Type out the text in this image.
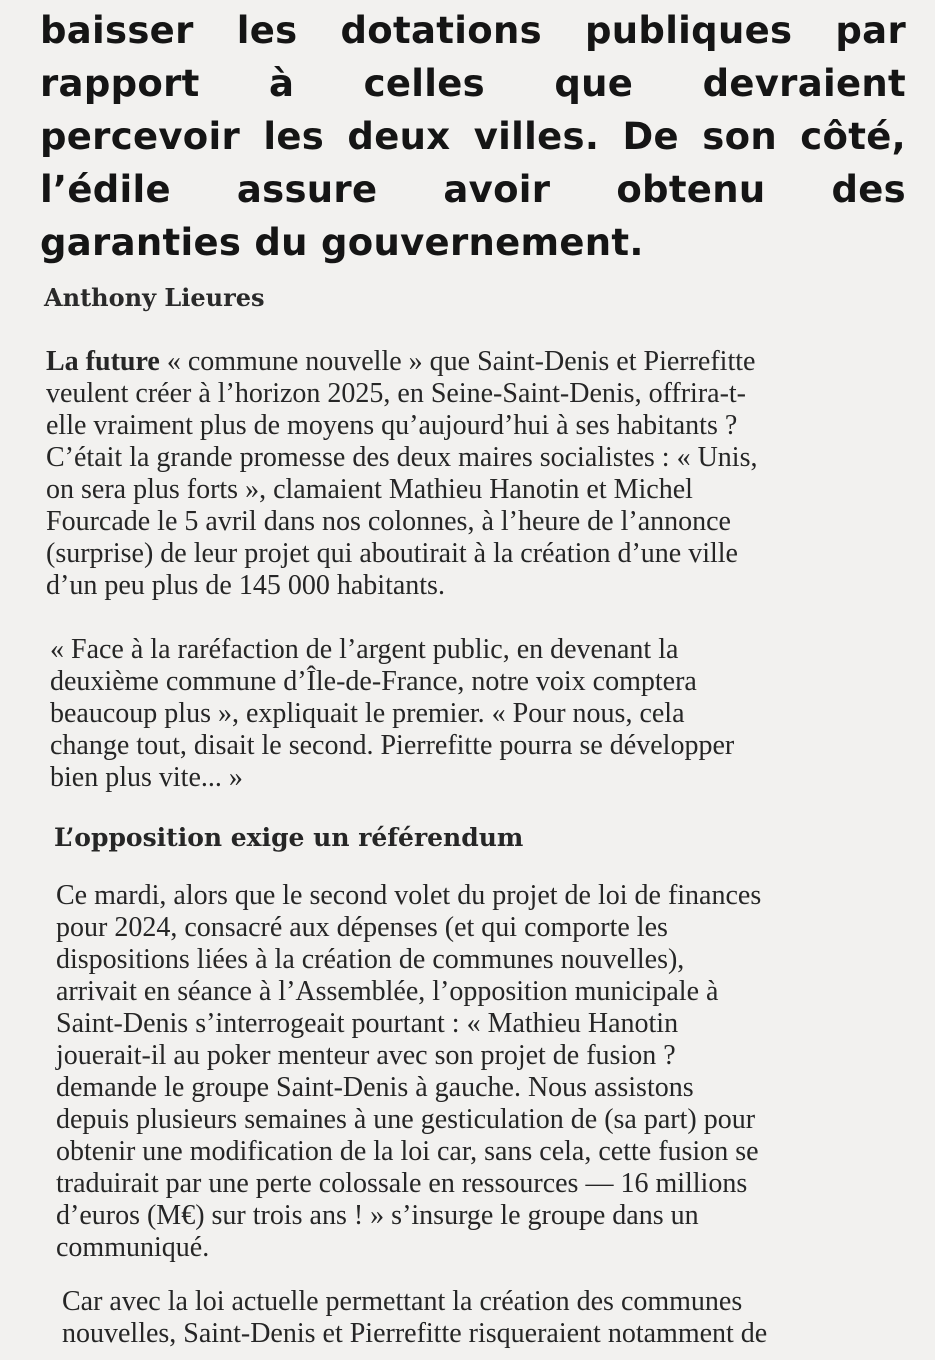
baisser les dotations publiques par
rapport à celles que devraient
percevoir les deux villes. De son côté,
l’édile assure avoir obtenu des
garanties du gouvernement.
Anthony Lieures
La future « commune nouvelle » que Saint-Denis et Pierrefitte
veulent créer à l’horizon 2025, en Seine-Saint-Denis, offrira-t-
elle vraiment plus de moyens qu’aujourd’hui à ses habitants ?
C’était la grande promesse des deux maires socialistes : « Unis,
on sera plus forts », clamaient Mathieu Hanotin et Michel
Fourcade le 5 avril dans nos colonnes, à l’heure de l’annonce
(surprise) de leur projet qui aboutirait à la création d’une ville
d’un peu plus de 145 000 habitants.
« Face à la raréfaction de l’argent public, en devenant la
deuxième commune d’Île-de-France, notre voix comptera
beaucoup plus », expliquait le premier. « Pour nous, cela
change tout, disait le second. Pierrefitte pourra se développer
bien plus vite... »
L’opposition exige un référendum
Ce mardi, alors que le second volet du projet de loi de finances
pour 2024, consacré aux dépenses (et qui comporte les
dispositions liées à la création de communes nouvelles),
arrivait en séance à l’Assemblée, l’opposition municipale à
Saint-Denis s’interrogeait pourtant : « Mathieu Hanotin
jouerait-il au poker menteur avec son projet de fusion ?
demande le groupe Saint-Denis à gauche. Nous assistons
depuis plusieurs semaines à une gesticulation de (sa part) pour
obtenir une modification de la loi car, sans cela, cette fusion se
traduirait par une perte colossale en ressources — 16 millions
d’euros (M€) sur trois ans ! » s’insurge le groupe dans un
communiqué.
Car avec la loi actuelle permettant la création des communes
nouvelles, Saint-Denis et Pierrefitte risqueraient notamment de
